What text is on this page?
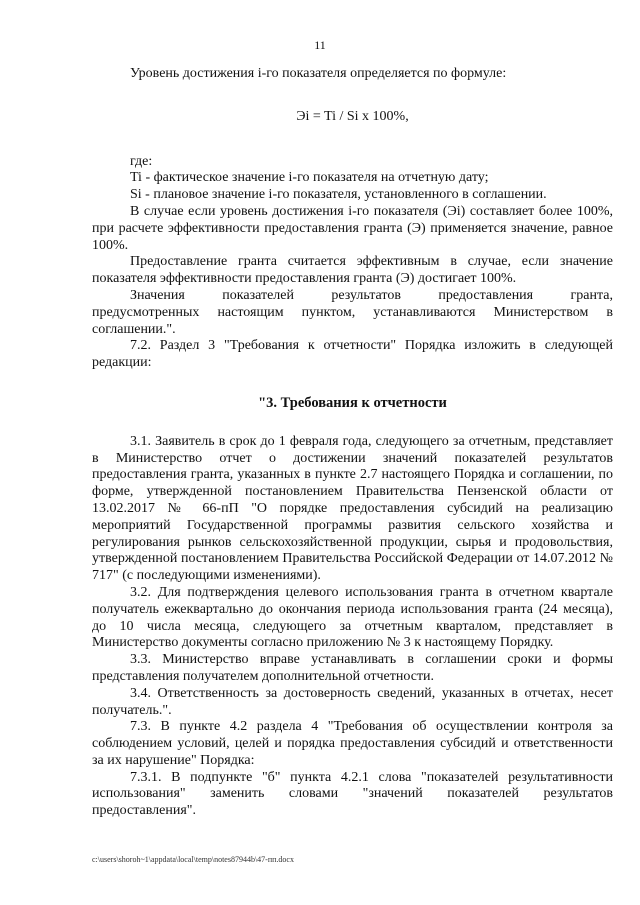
11

Уровень достижения i-го показателя определяется по формуле:

Эi = Ti / Si x 100%,

где:

Ti - фактическое значение i-го показателя на отчетную дату;

Si - плановое значение i-го показателя, установленного в соглашении.

В случае если уровень достижения i-го показателя (Эi) составляет более 100%, при расчете эффективности предоставления гранта (Э) применяется значение, равное 100%.

Предоставление гранта считается эффективным в случае, если значение показателя эффективности предоставления гранта (Э) достигает 100%.

Значения показателей результатов предоставления гранта,

предусмотренных настоящим пунктом, устанавливаются Министерством в соглашении.".

7.2. Раздел 3 "Требования к отчетности" Порядка изложить в следующей редакции:

"3. Требования к отчетности

3.1. Заявитель в срок до 1 февраля года, следующего за отчетным, представляет в Министерство отчет о достижении значений показателей результатов предоставления гранта, указанных в пункте 2.7 настоящего Порядка и соглашении, по форме, утвержденной постановлением Правительства Пензенской области от 13.02.2017 № 66-пП "О порядке предоставления субсидий на реализацию мероприятий Государственной программы развития сельского хозяйства и регулирования рынков сельскохозяйственной продукции, сырья и продовольствия, утвержденной постановлением Правительства Российской Федерации от 14.07.2012 № 717" (с последующими изменениями).

3.2. Для подтверждения целевого использования гранта в отчетном квартале получатель ежеквартально до окончания периода использования гранта (24 месяца), до 10 числа месяца, следующего за отчетным кварталом, представляет в Министерство документы согласно приложению № 3 к настоящему Порядку.

3.3. Министерство вправе устанавливать в соглашении сроки и формы представления получателем дополнительной отчетности.

3.4. Ответственность за достоверность сведений, указанных в отчетах, несет получатель.".

7.3. В пункте 4.2 раздела 4 "Требования об осуществлении контроля за соблюдением условий, целей и порядка предоставления субсидий и ответственности за их нарушение" Порядка:

7.3.1. В подпункте "б" пункта 4.2.1 слова "показателей результативности использования" заменить словами "значений показателей результатов предоставления".

c:\users\shoroh~1\appdata\local\temp\notes87944b\47-пп.docx
